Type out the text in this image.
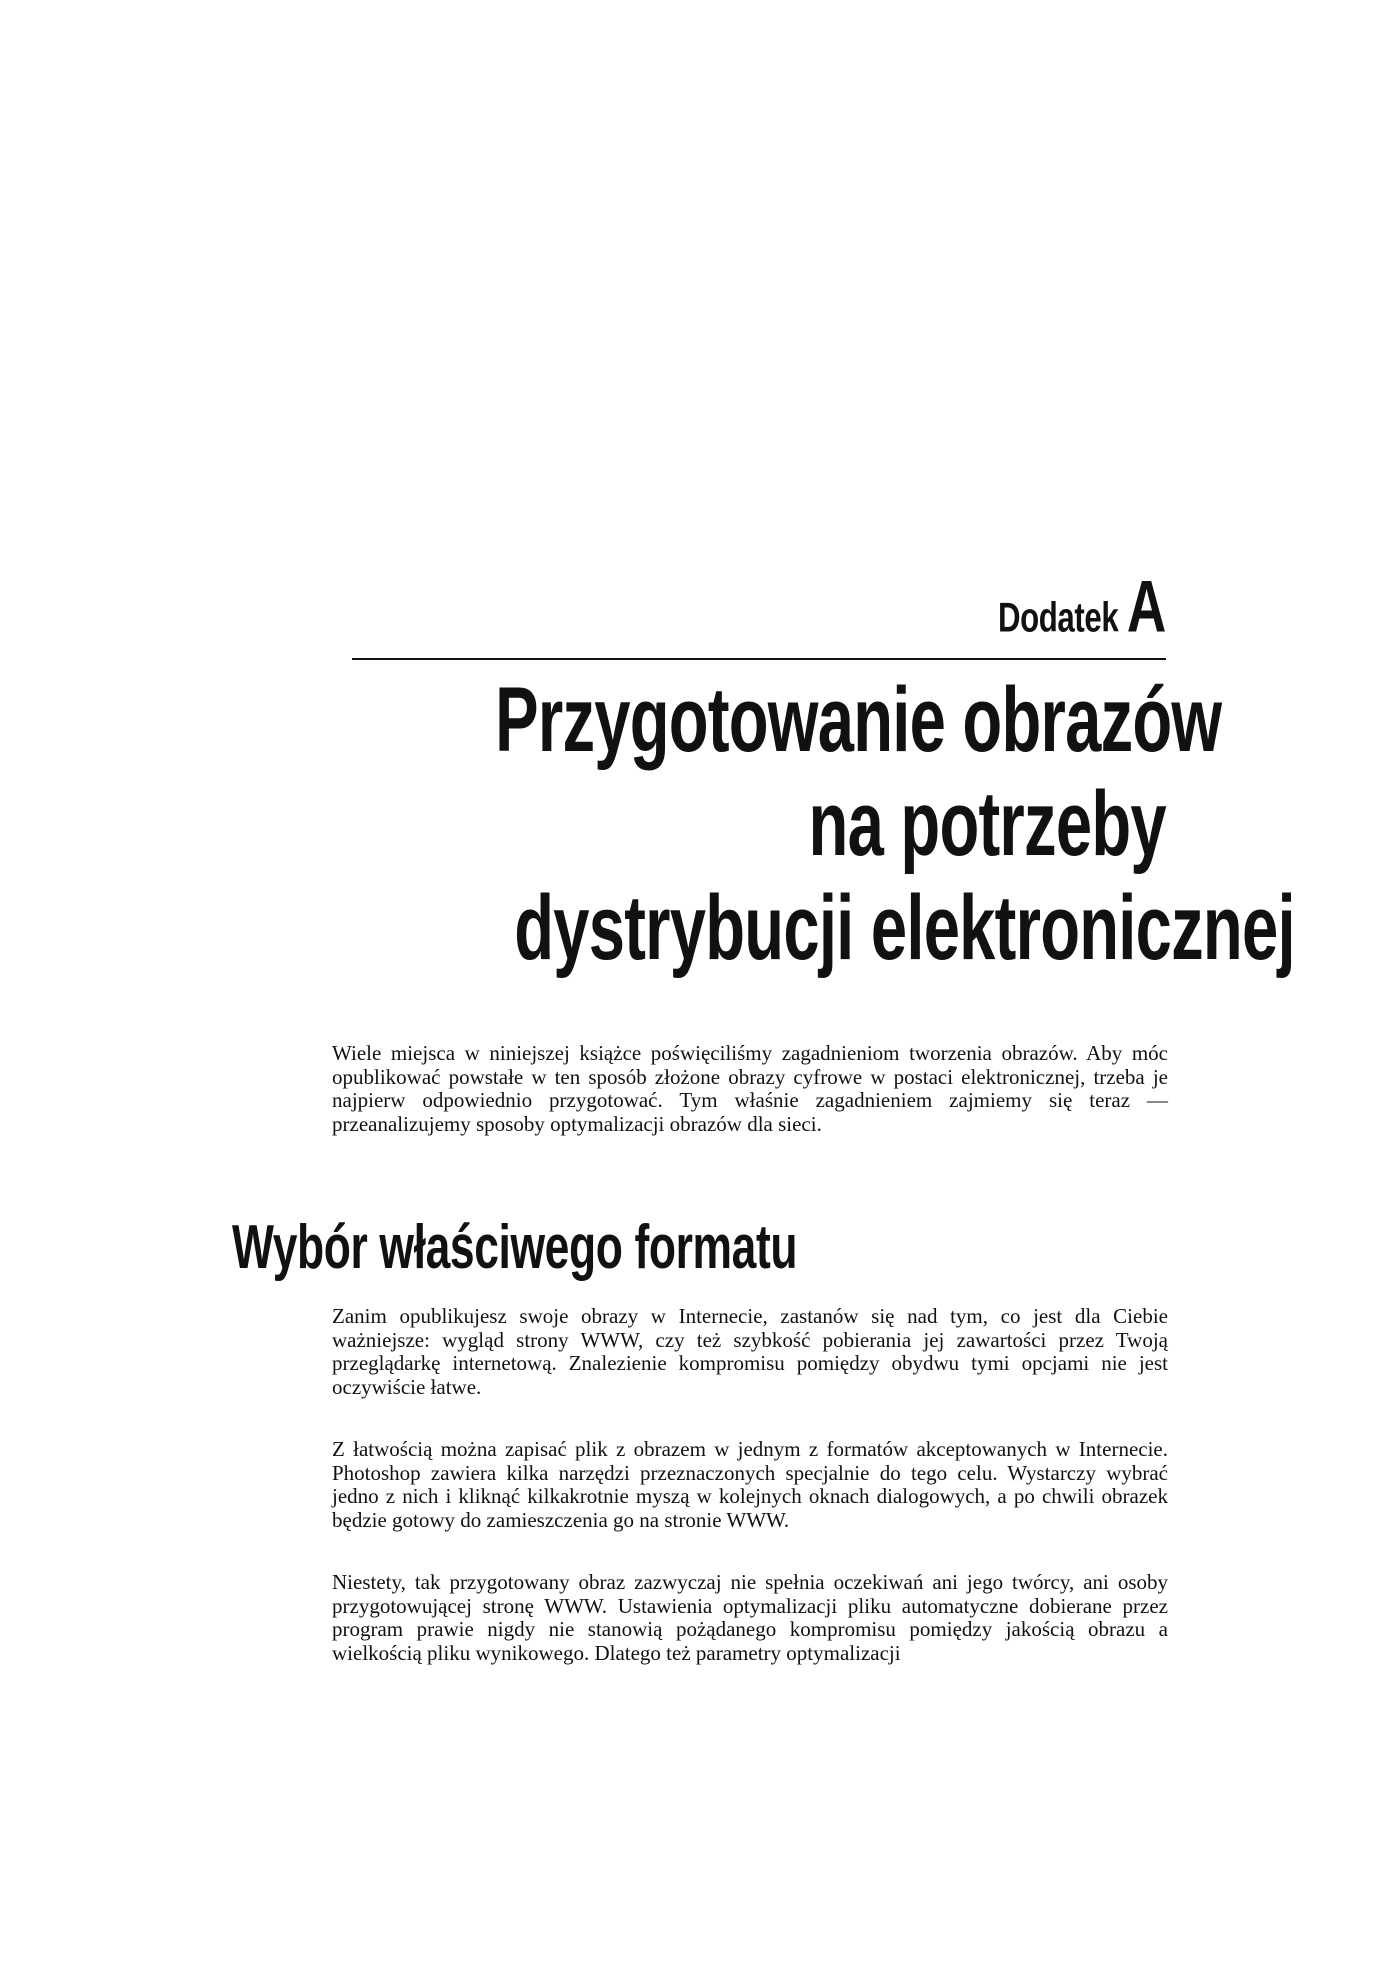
Dodatek A
Przygotowanie obrazów
na potrzeby
dystrybucji elektronicznej

Wiele miejsca w niniejszej książce poświęciliśmy zagadnieniom tworzenia obrazów. Aby móc opublikować powstałe w ten sposób złożone obrazy cyfrowe w postaci elektronicznej, trzeba je najpierw odpowiednio przygotować. Tym właśnie zagadnieniem zajmiemy się teraz — przeanalizujemy sposoby optymalizacji obrazów dla sieci.

Wybór właściwego formatu

Zanim opublikujesz swoje obrazy w Internecie, zastanów się nad tym, co jest dla Ciebie ważniejsze: wygląd strony WWW, czy też szybkość pobierania jej zawartości przez Twoją przeglądarkę internetową. Znalezienie kompromisu pomiędzy obydwu tymi opcjami nie jest oczywiście łatwe.

Z łatwością można zapisać plik z obrazem w jednym z formatów akceptowanych w Internecie. Photoshop zawiera kilka narzędzi przeznaczonych specjalnie do tego celu. Wystarczy wybrać jedno z nich i kliknąć kilkakrotnie myszą w kolejnych oknach dialogowych, a po chwili obrazek będzie gotowy do zamieszczenia go na stronie WWW.

Niestety, tak przygotowany obraz zazwyczaj nie spełnia oczekiwań ani jego twórcy, ani osoby przygotowującej stronę WWW. Ustawienia optymalizacji pliku automatyczne dobierane przez program prawie nigdy nie stanowią pożądanego kompromisu pomiędzy jakością obrazu a wielkością pliku wynikowego. Dlatego też parametry optymalizacji
